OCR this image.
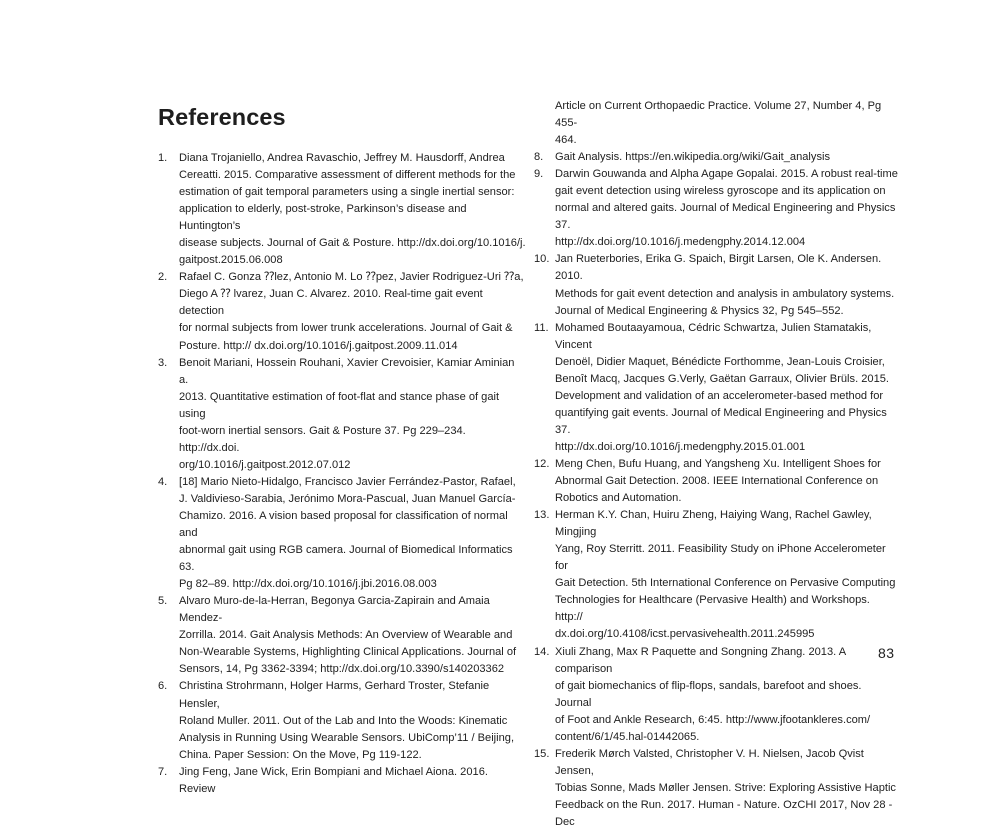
References
1. Diana Trojaniello, Andrea Ravaschio, Jeffrey M. Hausdorff, Andrea
Cereatti. 2015. Comparative assessment of different methods for the
estimation of gait temporal parameters using a single inertial sensor:
application to elderly, post-stroke, Parkinson’s disease and Huntington’s
disease subjects. Journal of Gait & Posture. http://dx.doi.org/10.1016/j.
gaitpost.2015.06.008
2. Rafael C. Gonza ⁇lez, Antonio M. Lo ⁇pez, Javier Rodriguez-Uri ⁇a,
Diego A ⁇ lvarez, Juan C. Alvarez. 2010. Real-time gait event detection
for normal subjects from lower trunk accelerations. Journal of Gait &
Posture. http:// dx.doi.org/10.1016/j.gaitpost.2009.11.014
3. Benoit Mariani, Hossein Rouhani, Xavier Crevoisier, Kamiar Aminian a.
2013. Quantitative estimation of foot-flat and stance phase of gait using
foot-worn inertial sensors. Gait & Posture 37. Pg 229–234. http://dx.doi.
org/10.1016/j.gaitpost.2012.07.012
4. [18] Mario Nieto-Hidalgo, Francisco Javier Ferrández-Pastor, Rafael,
J. Valdivieso-Sarabia, Jerónimo Mora-Pascual, Juan Manuel García-
Chamizo. 2016. A vision based proposal for classification of normal and
abnormal gait using RGB camera. Journal of Biomedical Informatics 63.
Pg 82–89. http://dx.doi.org/10.1016/j.jbi.2016.08.003
5. Alvaro Muro-de-la-Herran, Begonya Garcia-Zapirain and Amaia Mendez-
Zorrilla. 2014. Gait Analysis Methods: An Overview of Wearable and
Non-Wearable Systems, Highlighting Clinical Applications. Journal of
Sensors, 14, Pg 3362-3394; http://dx.doi.org/10.3390/s140203362
6. Christina Strohrmann, Holger Harms, Gerhard Troster, Stefanie Hensler,
Roland Muller. 2011. Out of the Lab and Into the Woods: Kinematic
Analysis in Running Using Wearable Sensors. UbiComp’11 / Beijing,
China. Paper Session: On the Move, Pg 119-122.
7. Jing Feng, Jane Wick, Erin Bompiani and Michael Aiona. 2016. Review
Article on Current Orthopaedic Practice. Volume 27, Number 4, Pg 455-
464.
8. Gait Analysis. https://en.wikipedia.org/wiki/Gait_analysis
9. Darwin Gouwanda and Alpha Agape Gopalai. 2015. A robust real-time
gait event detection using wireless gyroscope and its application on
normal and altered gaits. Journal of Medical Engineering and Physics 37.
http://dx.doi.org/10.1016/j.medengphy.2014.12.004
10. Jan Rueterbories, Erika G. Spaich, Birgit Larsen, Ole K. Andersen. 2010.
Methods for gait event detection and analysis in ambulatory systems.
Journal of Medical Engineering & Physics 32, Pg 545–552.
11. Mohamed Boutaayamoua, Cédric Schwartza, Julien Stamatakis, Vincent
Denoël, Didier Maquet, Bénédicte Forthomme, Jean-Louis Croisier,
Benoît Macq, Jacques G.Verly, Gaëtan Garraux, Olivier Brüls. 2015.
Development and validation of an accelerometer-based method for
quantifying gait events. Journal of Medical Engineering and Physics 37.
http://dx.doi.org/10.1016/j.medengphy.2015.01.001
12. Meng Chen, Bufu Huang, and Yangsheng Xu. Intelligent Shoes for
Abnormal Gait Detection. 2008. IEEE International Conference on
Robotics and Automation.
13. Herman K.Y. Chan, Huiru Zheng, Haiying Wang, Rachel Gawley, Mingjing
Yang, Roy Sterritt. 2011. Feasibility Study on iPhone Accelerometer for
Gait Detection. 5th International Conference on Pervasive Computing
Technologies for Healthcare (Pervasive Health) and Workshops. http://
dx.doi.org/10.4108/icst.pervasivehealth.2011.245995
14. Xiuli Zhang, Max R Paquette and Songning Zhang. 2013. A comparison
of gait biomechanics of flip-flops, sandals, barefoot and shoes. Journal
of Foot and Ankle Research, 6:45. http://www.jfootankleres.com/
content/6/1/45.hal-01442065.
15. Frederik Mørch Valsted, Christopher V. H. Nielsen, Jacob Qvist Jensen,
Tobias Sonne, Mads Møller Jensen. Strive: Exploring Assistive Haptic
Feedback on the Run. 2017. Human - Nature. OzCHI 2017, Nov 28 - Dec
83
